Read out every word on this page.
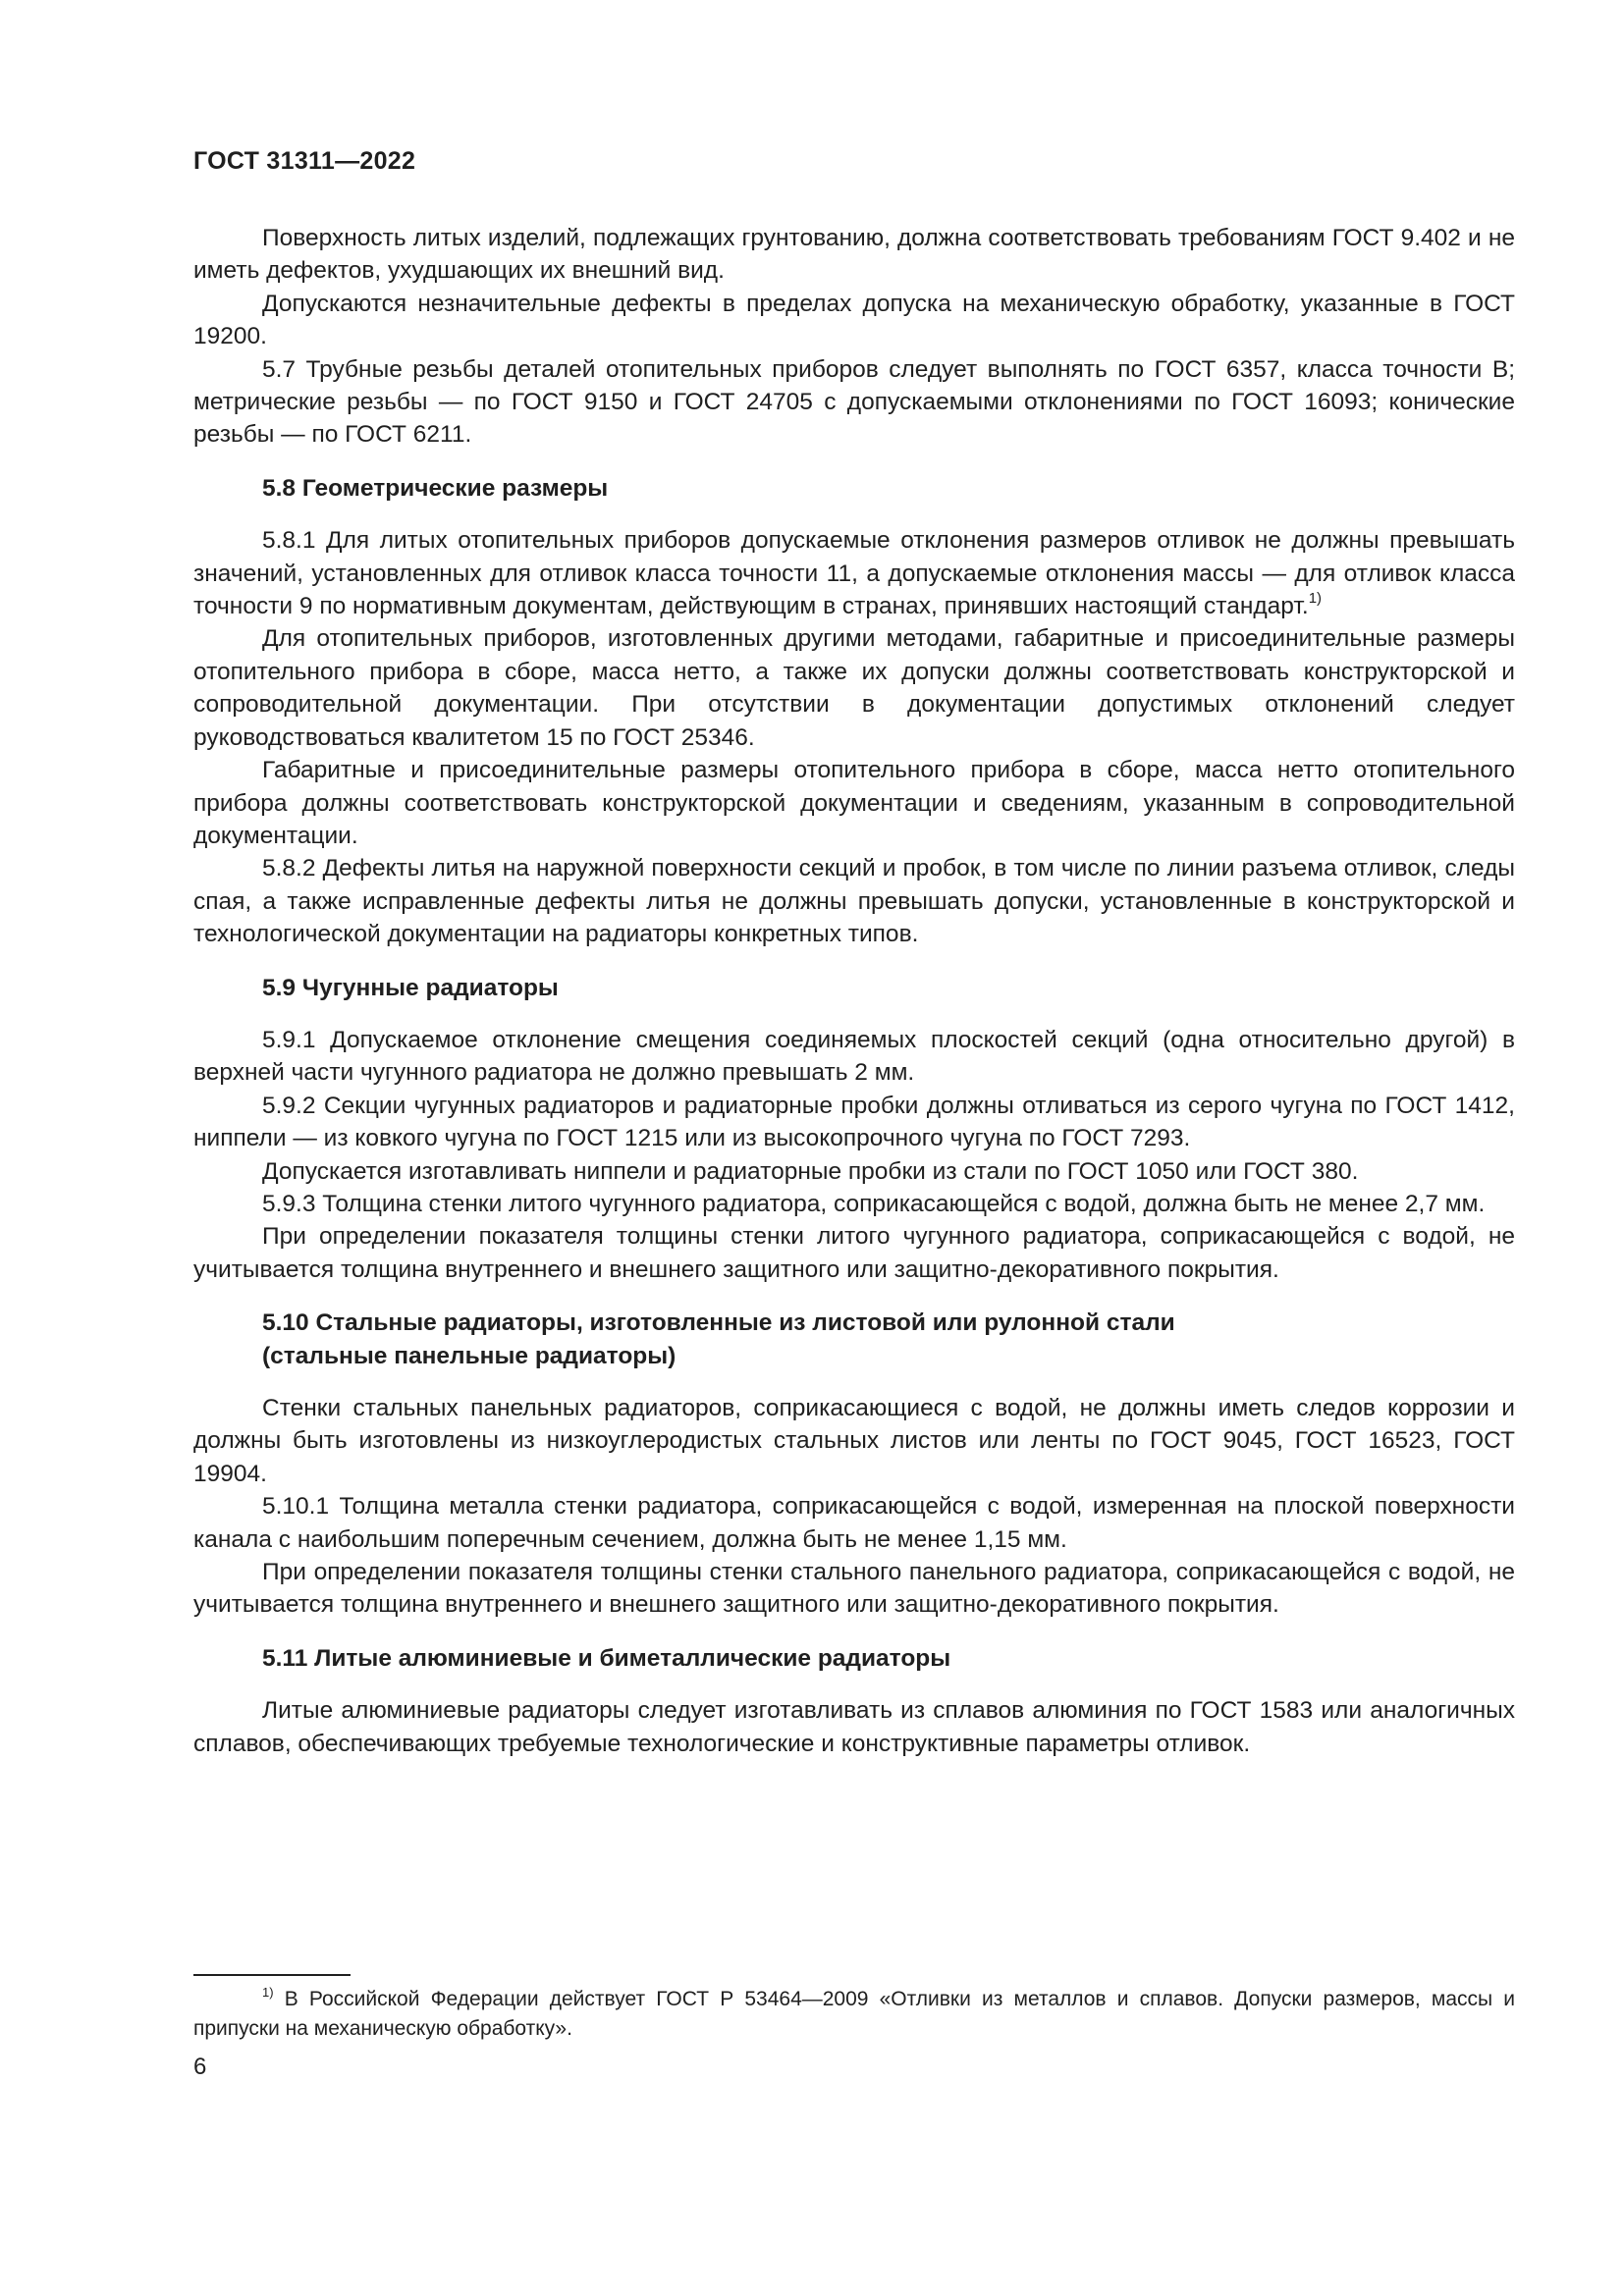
ГОСТ 31311—2022

Поверхность литых изделий, подлежащих грунтованию, должна соответствовать требованиям ГОСТ 9.402 и не иметь дефектов, ухудшающих их внешний вид.

Допускаются незначительные дефекты в пределах допуска на механическую обработку, указанные в ГОСТ 19200.

5.7 Трубные резьбы деталей отопительных приборов следует выполнять по ГОСТ 6357, класса точности В; метрические резьбы — по ГОСТ 9150 и ГОСТ 24705 с допускаемыми отклонениями по ГОСТ 16093; конические резьбы — по ГОСТ 6211.

5.8 Геометрические размеры

5.8.1 Для литых отопительных приборов допускаемые отклонения размеров отливок не должны превышать значений, установленных для отливок класса точности 11, а допускаемые отклонения массы — для отливок класса точности 9 по нормативным документам, действующим в странах, принявших настоящий стандарт.$^{1)}$

Для отопительных приборов, изготовленных другими методами, габаритные и присоединительные размеры отопительного прибора в сборе, масса нетто, а также их допуски должны соответствовать конструкторской и сопроводительной документации. При отсутствии в документации допустимых отклонений следует руководствоваться квалитетом 15 по ГОСТ 25346.

Габаритные и присоединительные размеры отопительного прибора в сборе, масса нетто отопительного прибора должны соответствовать конструкторской документации и сведениям, указанным в сопроводительной документации.

5.8.2 Дефекты литья на наружной поверхности секций и пробок, в том числе по линии разъема отливок, следы спая, а также исправленные дефекты литья не должны превышать допуски, установленные в конструкторской и технологической документации на радиаторы конкретных типов.

5.9 Чугунные радиаторы

5.9.1 Допускаемое отклонение смещения соединяемых плоскостей секций (одна относительно другой) в верхней части чугунного радиатора не должно превышать 2 мм.

5.9.2 Секции чугунных радиаторов и радиаторные пробки должны отливаться из серого чугуна по ГОСТ 1412, ниппели — из ковкого чугуна по ГОСТ 1215 или из высокопрочного чугуна по ГОСТ 7293.

Допускается изготавливать ниппели и радиаторные пробки из стали по ГОСТ 1050 или ГОСТ 380.

5.9.3 Толщина стенки литого чугунного радиатора, соприкасающейся с водой, должна быть не менее 2,7 мм.

При определении показателя толщины стенки литого чугунного радиатора, соприкасающейся с водой, не учитывается толщина внутреннего и внешнего защитного или защитно-декоративного покрытия.

5.10 Стальные радиаторы, изготовленные из листовой или рулонной стали
(стальные панельные радиаторы)

Стенки стальных панельных радиаторов, соприкасающиеся с водой, не должны иметь следов коррозии и должны быть изготовлены из низкоуглеродистых стальных листов или ленты по ГОСТ 9045, ГОСТ 16523, ГОСТ 19904.

5.10.1 Толщина металла стенки радиатора, соприкасающейся с водой, измеренная на плоской поверхности канала с наибольшим поперечным сечением, должна быть не менее 1,15 мм.

При определении показателя толщины стенки стального панельного радиатора, соприкасающейся с водой, не учитывается толщина внутреннего и внешнего защитного или защитно-декоративного покрытия.

5.11 Литые алюминиевые и биметаллические радиаторы

Литые алюминиевые радиаторы следует изготавливать из сплавов алюминия по ГОСТ 1583 или аналогичных сплавов, обеспечивающих требуемые технологические и конструктивные параметры отливок.

$^{1)}$ В Российской Федерации действует ГОСТ Р 53464—2009 «Отливки из металлов и сплавов. Допуски размеров, массы и припуски на механическую обработку».

6
